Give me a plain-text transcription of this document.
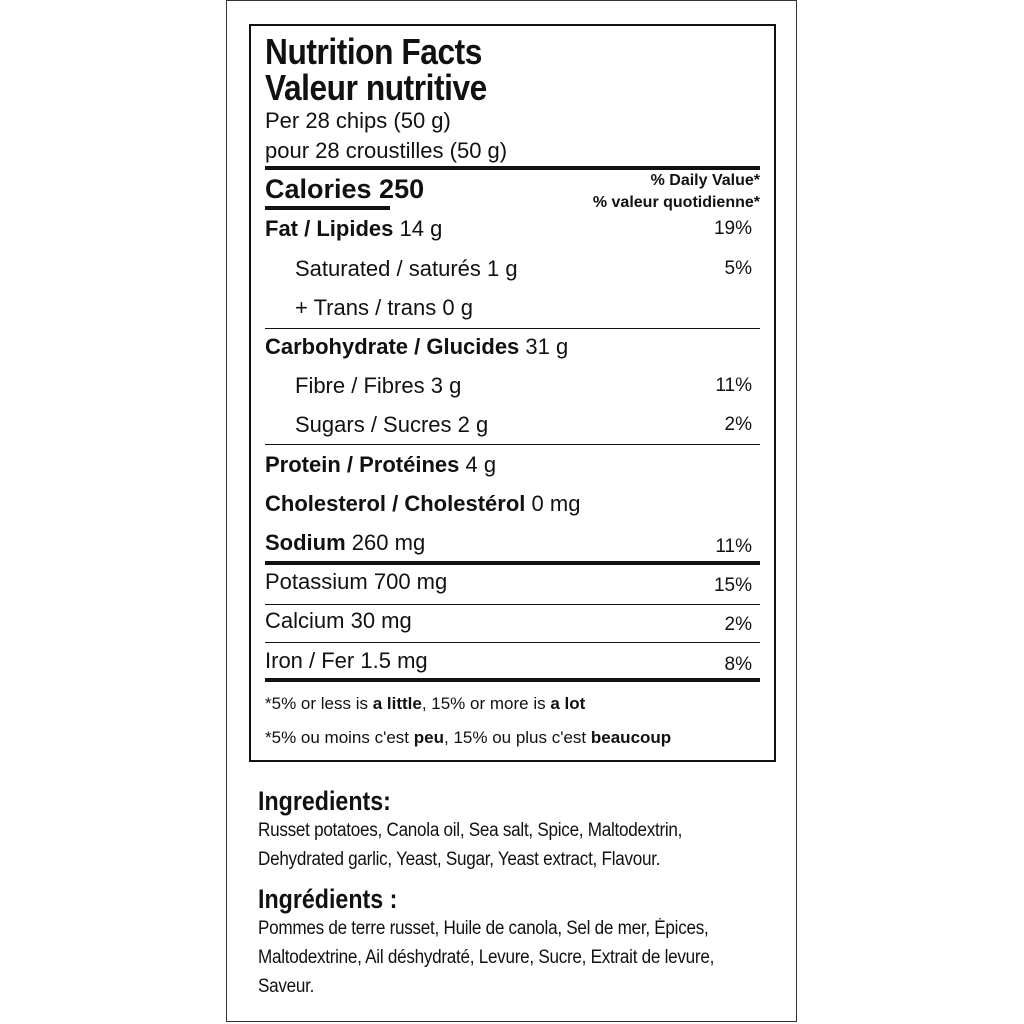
Nutrition Facts
Valeur nutritive
Per 28 chips (50 g)
pour 28 croustilles (50 g)
Calories 250	% Daily Value*
% valeur quotidienne*
Fat / Lipides 14 g	19%
Saturated / saturés 1 g	5%
+ Trans / trans 0 g
Carbohydrate / Glucides 31 g
Fibre / Fibres 3 g	11%
Sugars / Sucres 2 g	2%
Protein / Protéines 4 g
Cholesterol / Cholestérol 0 mg
Sodium 260 mg	11%
Potassium 700 mg	15%
Calcium 30 mg	2%
Iron / Fer 1.5 mg	8%
*5% or less is a little, 15% or more is a lot
*5% ou moins c'est peu, 15% ou plus c'est beaucoup
Ingredients:
Russet potatoes, Canola oil, Sea salt, Spice, Maltodextrin, Dehydrated garlic, Yeast, Sugar, Yeast extract, Flavour.
Ingrédients :
Pommes de terre russet, Huile de canola, Sel de mer, Épices, Maltodextrine, Ail déshydraté, Levure, Sucre, Extrait de levure, Saveur.
